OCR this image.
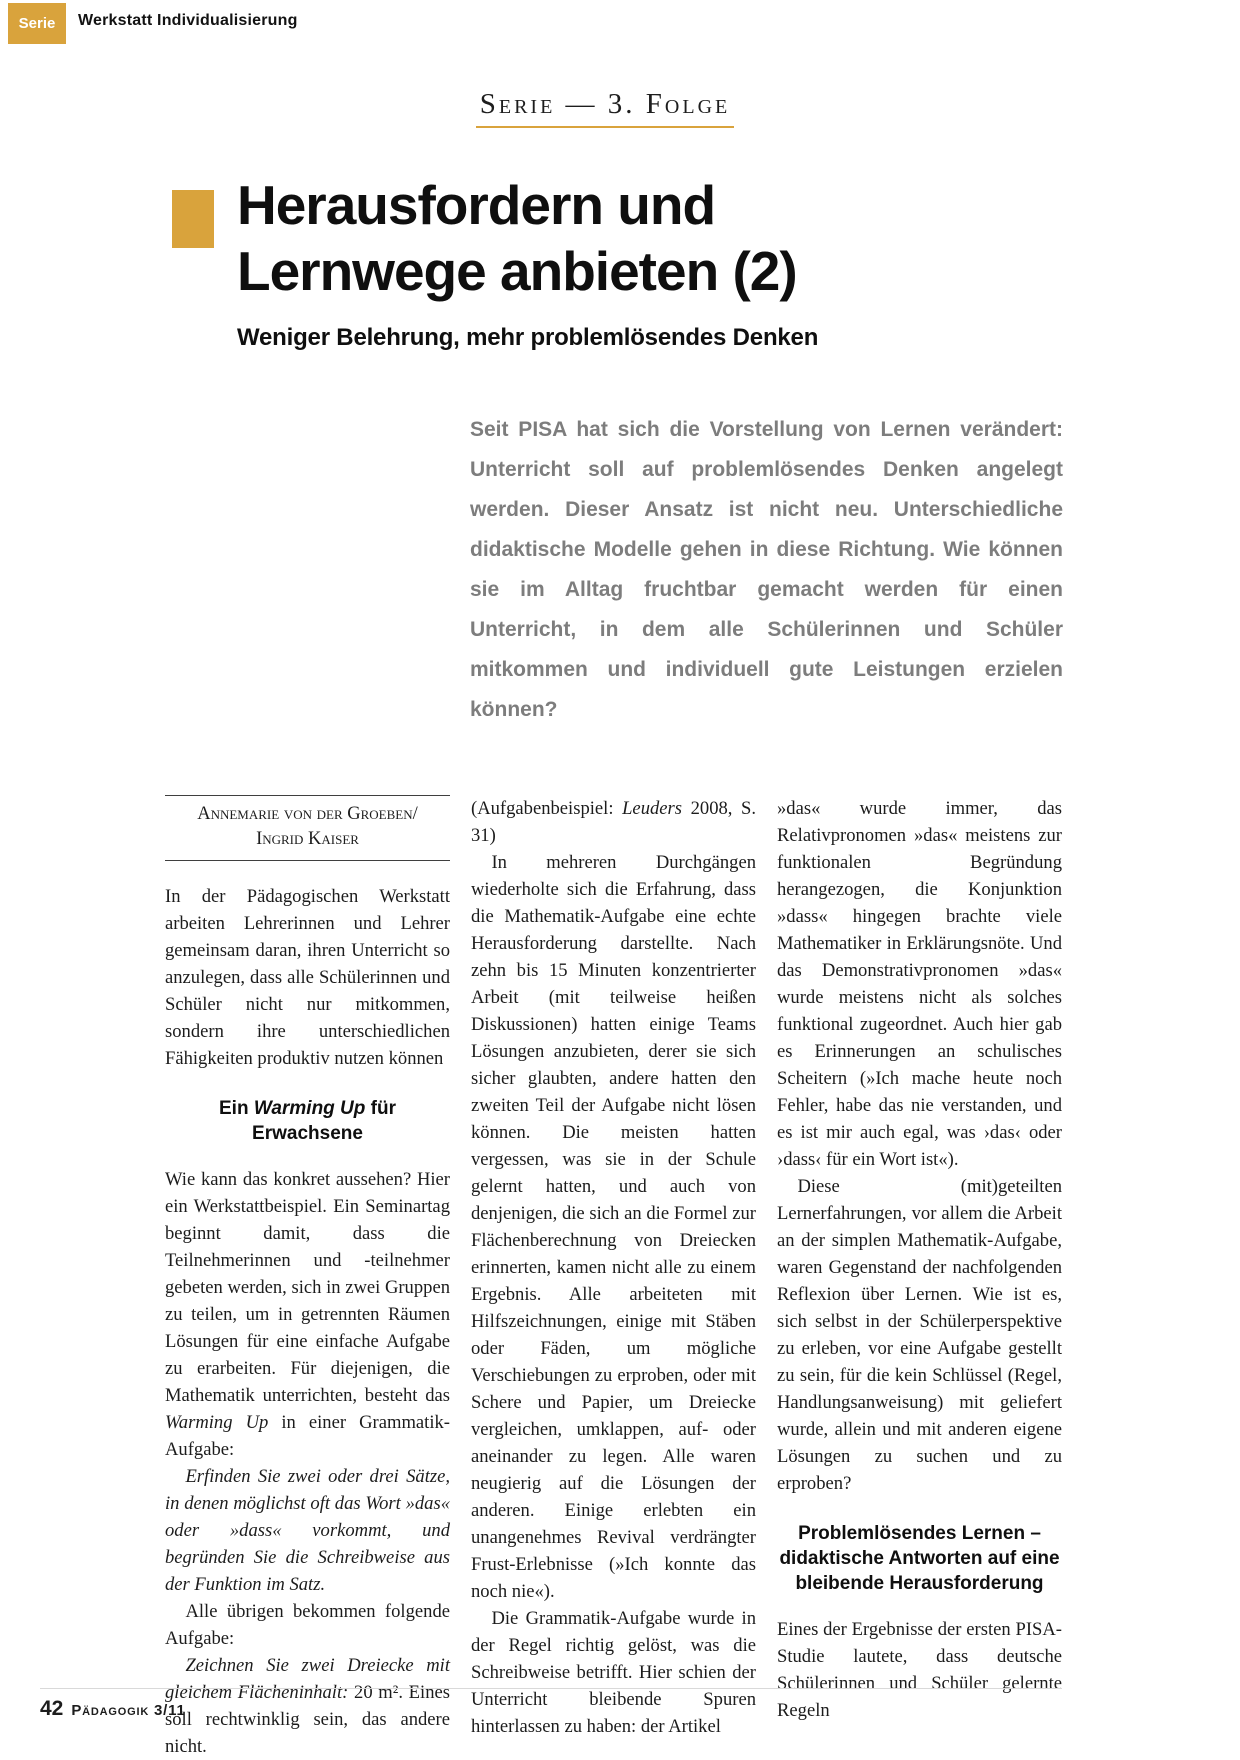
Serie Werkstatt Individualisierung
Serie — 3. Folge
Herausfordern und
Lernwege anbieten (2)
Weniger Belehrung, mehr problemlösendes Denken
Seit PISA hat sich die Vorstellung von Lernen verändert: Unterricht soll auf problemlösendes Denken angelegt werden. Dieser Ansatz ist nicht neu. Unterschiedliche didaktische Modelle gehen in diese Richtung. Wie können sie im Alltag fruchtbar gemacht werden für einen Unterricht, in dem alle Schülerinnen und Schüler mitkommen und individuell gute Leistungen erzielen können?
Annemarie von der Groeben/
Ingrid Kaiser

In der Pädagogischen Werkstatt arbeiten Lehrerinnen und Lehrer gemeinsam daran, ihren Unterricht so anzulegen, dass alle Schülerinnen und Schüler nicht nur mitkommen, sondern ihre unterschiedlichen Fähigkeiten produktiv nutzen können

Ein Warming Up für Erwachsene

Wie kann das konkret aussehen? Hier ein Werkstattbeispiel. Ein Seminartag beginnt damit, dass die Teilnehmerinnen und -teilnehmer gebeten werden, sich in zwei Gruppen zu teilen, um in getrennten Räumen Lösungen für eine einfache Aufgabe zu erarbeiten. Für diejenigen, die Mathematik unterrichten, besteht das Warming Up in einer Grammatik-Aufgabe:

Erfinden Sie zwei oder drei Sätze, in denen möglichst oft das Wort »das« oder »dass« vorkommt, und begründen Sie die Schreibweise aus der Funktion im Satz.

Alle übrigen bekommen folgende Aufgabe:

Zeichnen Sie zwei Dreiecke mit gleichem Flächeninhalt: 20 m². Eines soll rechtwinklig sein, das andere nicht.

(Aufgabenbeispiel: Leuders 2008, S. 31)

In mehreren Durchgängen wiederholte sich die Erfahrung, dass die Mathematik-Aufgabe eine echte Herausforderung darstellte. Nach zehn bis 15 Minuten konzentrierter Arbeit (mit teilweise heißen Diskussionen) hatten einige Teams Lösungen anzubieten, derer sie sich sicher glaubten, andere hatten den zweiten Teil der Aufgabe nicht lösen können. Die meisten hatten vergessen, was sie in der Schule gelernt hatten, und auch von denjenigen, die sich an die Formel zur Flächenberechnung von Dreiecken erinnerten, kamen nicht alle zu einem Ergebnis. Alle arbeiteten mit Hilfszeichnungen, einige mit Stäben oder Fäden, um mögliche Verschiebungen zu erproben, oder mit Schere und Papier, um Dreiecke vergleichen, umklappen, auf- oder aneinander zu legen. Alle waren neugierig auf die Lösungen der anderen. Einige erlebten ein unangenehmes Revival verdrängter Frust-Erlebnisse (»Ich konnte das noch nie«).

Die Grammatik-Aufgabe wurde in der Regel richtig gelöst, was die Schreibweise betrifft. Hier schien der Unterricht bleibende Spuren hinterlassen zu haben: der Artikel

»das« wurde immer, das Relativpronomen »das« meistens zur funktionalen Begründung herangezogen, die Konjunktion »dass« hingegen brachte viele Mathematiker in Erklärungsnöte. Und das Demonstrativpronomen »das« wurde meistens nicht als solches funktional zugeordnet. Auch hier gab es Erinnerungen an schulisches Scheitern (»Ich mache heute noch Fehler, habe das nie verstanden, und es ist mir auch egal, was ›das‹ oder ›dass‹ für ein Wort ist«).

Diese (mit)geteilten Lernerfahrungen, vor allem die Arbeit an der simplen Mathematik-Aufgabe, waren Gegenstand der nachfolgenden Reflexion über Lernen. Wie ist es, sich selbst in der Schülerperspektive zu erleben, vor eine Aufgabe gestellt zu sein, für die kein Schlüssel (Regel, Handlungsanweisung) mit geliefert wurde, allein und mit anderen eigene Lösungen zu suchen und zu erproben?

Problemlösendes Lernen – didaktische Antworten auf eine bleibende Herausforderung

Eines der Ergebnisse der ersten PISA-Studie lautete, dass deutsche Schülerinnen und Schüler gelernte Regeln

42 Pädagogik 3/11
